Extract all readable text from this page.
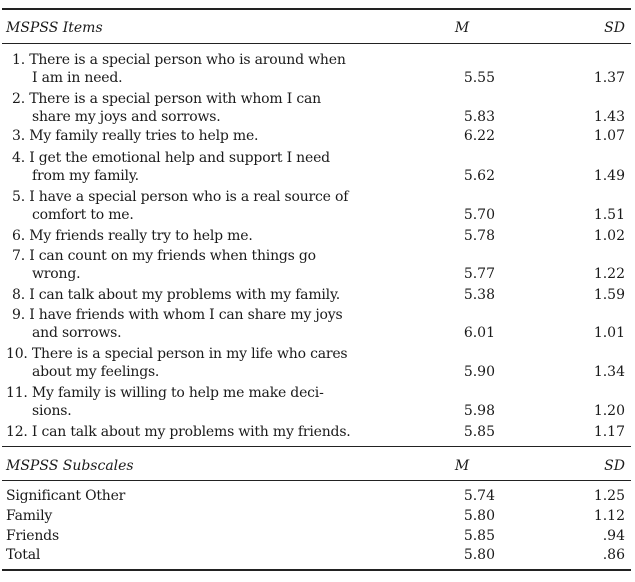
MSPSS Items	M	SD
1. There is a special person who is around when
I am in need.	5.55	1.37
2. There is a special person with whom I can
share my joys and sorrows.	5.83	1.43
3. My family really tries to help me.	6.22	1.07
4. I get the emotional help and support I need
from my family.	5.62	1.49
5. I have a special person who is a real source of
comfort to me.	5.70	1.51
6. My friends really try to help me.	5.78	1.02
7. I can count on my friends when things go
wrong.	5.77	1.22
8. I can talk about my problems with my family.	5.38	1.59
9. I have friends with whom I can share my joys
and sorrows.	6.01	1.01
10. There is a special person in my life who cares
about my feelings.	5.90	1.34
11. My family is willing to help me make deci-
sions.	5.98	1.20
12. I can talk about my problems with my friends.	5.85	1.17
MSPSS Subscales	M	SD
Significant Other	5.74	1.25
Family	5.80	1.12
Friends	5.85	.94
Total	5.80	.86
